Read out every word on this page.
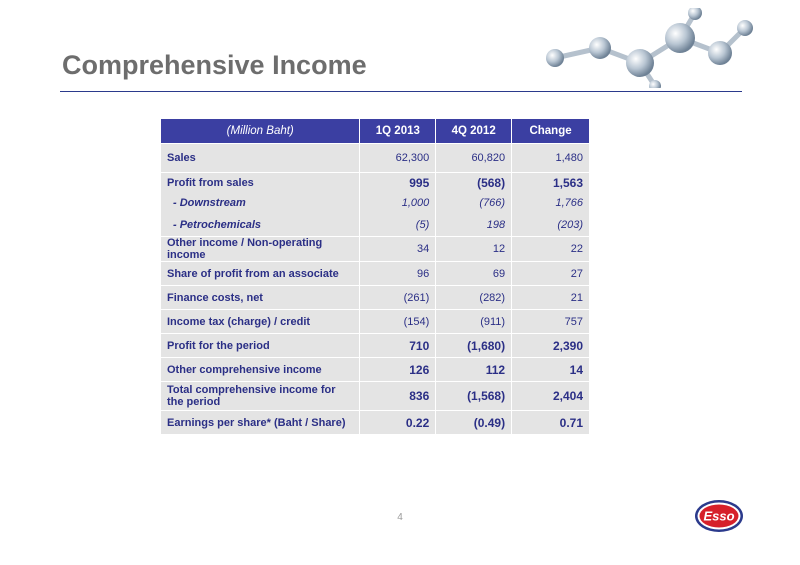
Comprehensive Income
(Million Baht)	1Q 2013	4Q 2012	Change
Sales	62,300	60,820	1,480
Profit from sales	995	(568)	1,563
- Downstream	1,000	(766)	1,766
- Petrochemicals	(5)	198	(203)
Other income / Non-operating income	34	12	22
Share of profit from an associate	96	69	27
Finance costs, net	(261)	(282)	21
Income tax (charge) / credit	(154)	(911)	757
Profit for the period	710	(1,680)	2,390
Other comprehensive income	126	112	14
Total comprehensive income for the period	836	(1,568)	2,404
Earnings per share* (Baht / Share)	0.22	(0.49)	0.71
4	Esso
